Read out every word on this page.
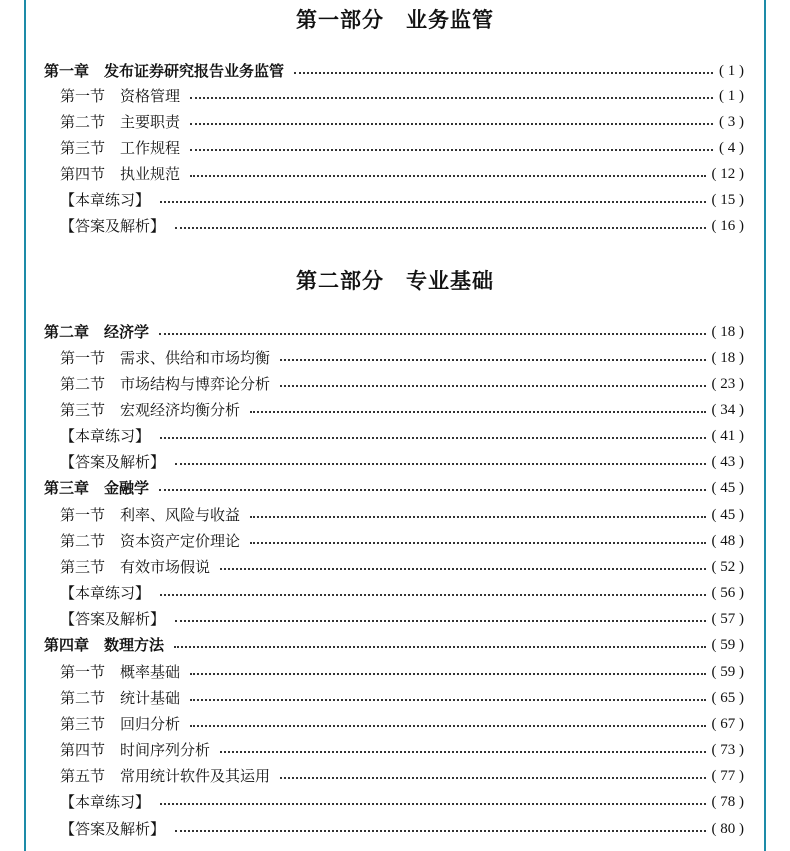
第一部分　业务监管
第一章　发布证券研究报告业务监管	( 1 )
第一节　资格管理	( 1 )
第二节　主要职责	( 3 )
第三节　工作规程	( 4 )
第四节　执业规范	( 12 )
【本章练习】	( 15 )
【答案及解析】	( 16 )
第二部分　专业基础
第二章　经济学	( 18 )
第一节　需求、供给和市场均衡	( 18 )
第二节　市场结构与博弈论分析	( 23 )
第三节　宏观经济均衡分析	( 34 )
【本章练习】	( 41 )
【答案及解析】	( 43 )
第三章　金融学	( 45 )
第一节　利率、风险与收益	( 45 )
第二节　资本资产定价理论	( 48 )
第三节　有效市场假说	( 52 )
【本章练习】	( 56 )
【答案及解析】	( 57 )
第四章　数理方法	( 59 )
第一节　概率基础	( 59 )
第二节　统计基础	( 65 )
第三节　回归分析	( 67 )
第四节　时间序列分析	( 73 )
第五节　常用统计软件及其运用	( 77 )
【本章练习】	( 78 )
【答案及解析】	( 80 )
